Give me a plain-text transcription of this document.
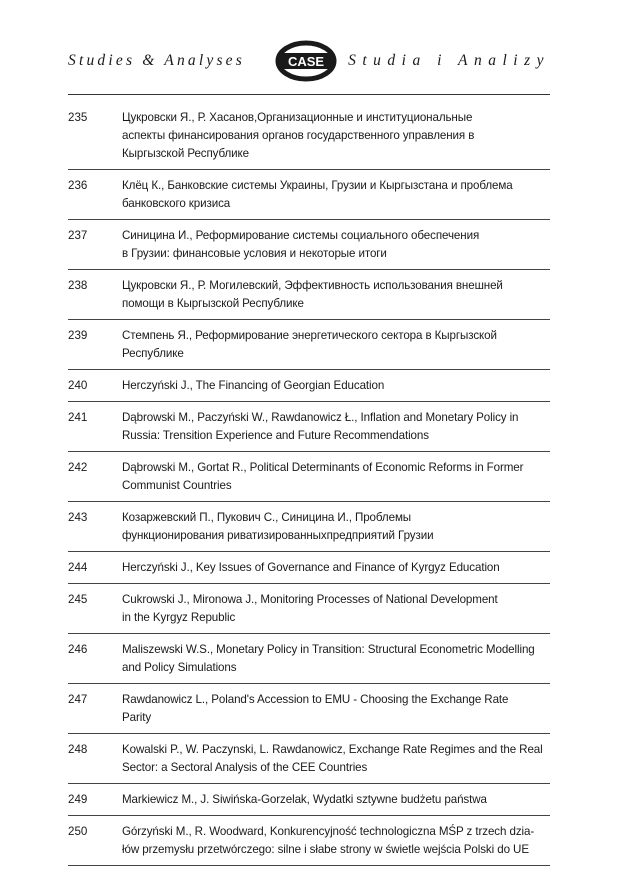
Studies & Analyses	CASE Studia i Analizy
235	Цукровски Я., Р. Хасанов,Организационные и институциональные
аспекты финансирования органов государственного управления в
Кыргызской Республике
236	Клёц К., Банковские системы Украины, Грузии и Кыргызстана и проблема
банковского кризиса
237	Синицина И., Реформирование системы социального обеспечения
в Грузии: финансовые условия и некоторые итоги
238	Цукровски Я., Р. Могилевский, Эффективность использования внешней
помощи в Кыргызской Республике
239	Стемпень Я., Реформирование энергетического сектора в Кыргызской
Республике
240	Herczyński J., The Financing of Georgian Education
241	Dąbrowski M., Paczyński W., Rawdanowicz Ł., Inflation and Monetary Policy in
Russia: Trensition Experience and Future Recommendations
242	Dąbrowski M., Gortat R., Political Determinants of Economic Reforms in Former
Communist Countries
243	Козаржевский П., Пукович С., Синицина И., Проблемы
функционирования риватизированныхпредприятий Грузии
244	Herczyński J., Key Issues of Governance and Finance of Kyrgyz Education
245	Cukrowski J., Mironowa J., Monitoring Processes of National Development
in the Kyrgyz Republic
246	Maliszewski W.S., Monetary Policy in Transition: Structural Econometric Modelling
and Policy Simulations
247	Rawdanowicz L., Poland's Accession to EMU - Choosing the Exchange Rate
Parity
248	Kowalski P., W. Paczynski, L. Rawdanowicz, Exchange Rate Regimes and the Real
Sector: a Sectoral Analysis of the CEE Countries
249	Markiewicz M., J. Siwińska-Gorzelak, Wydatki sztywne budżetu państwa
250	Górzyński M., R. Woodward, Konkurencyjność technologiczna MŚP z trzech dzia-
łów przemysłu przetwórczego: silne i słabe strony w świetle wejścia Polski do UE
